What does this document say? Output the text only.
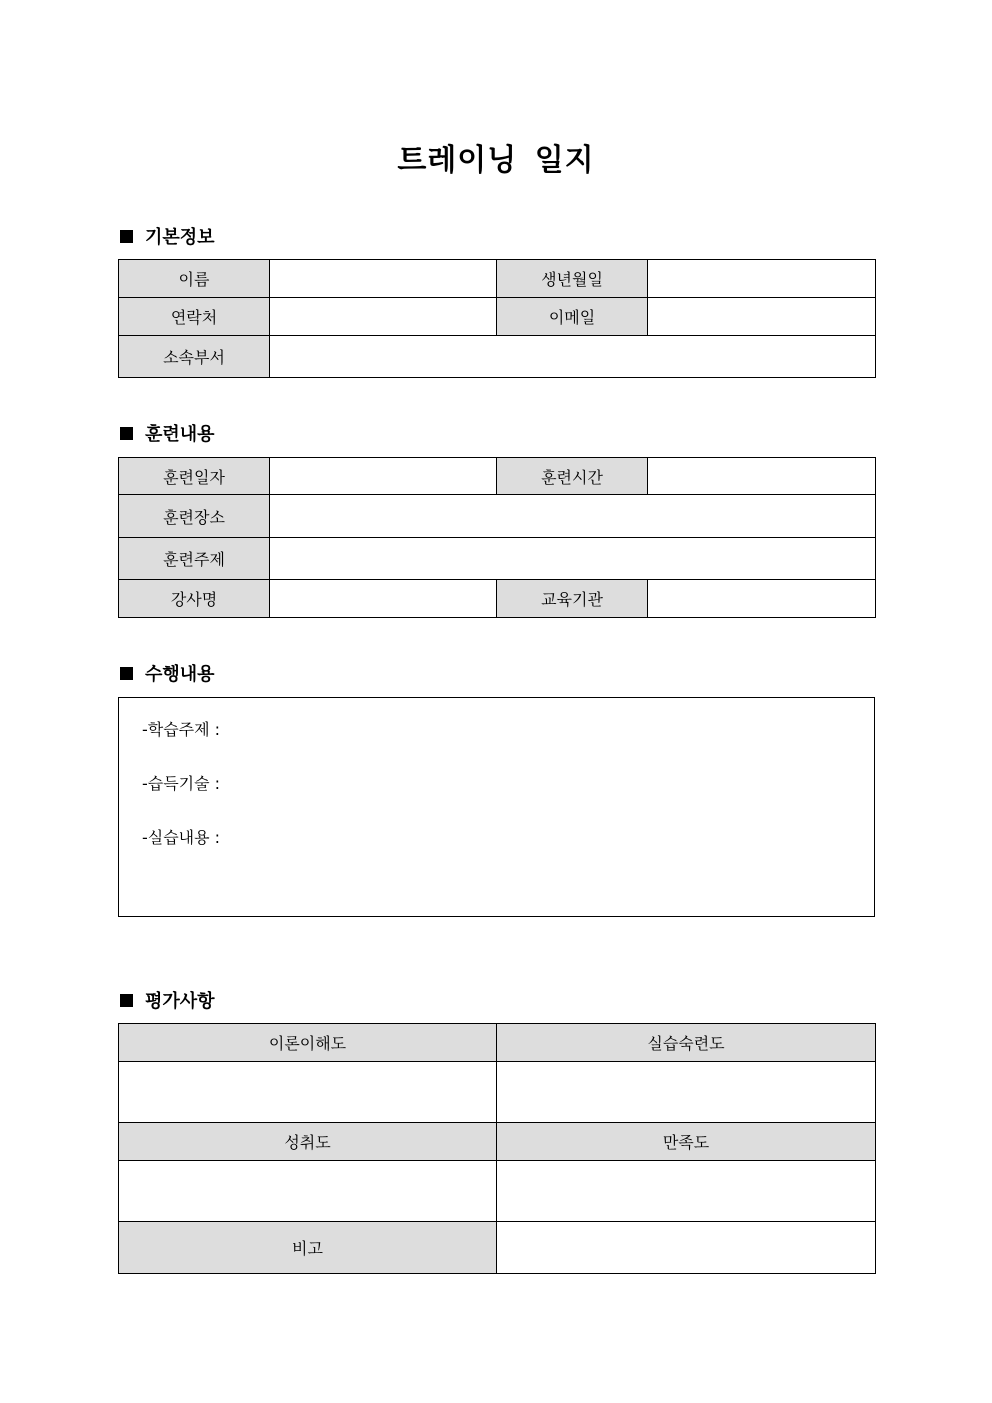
트레이닝 일지
기본정보
이름		생년월일	
연락처		이메일	
소속부서			
훈련내용
훈련일자		훈련시간	
훈련장소			
훈련주제			
강사명		교육기관	
수행내용
-학습주제 :
-습득기술 :
-실습내용 :
평가사항
이론이해도	실습숙련도

성취도	만족도

비고	
